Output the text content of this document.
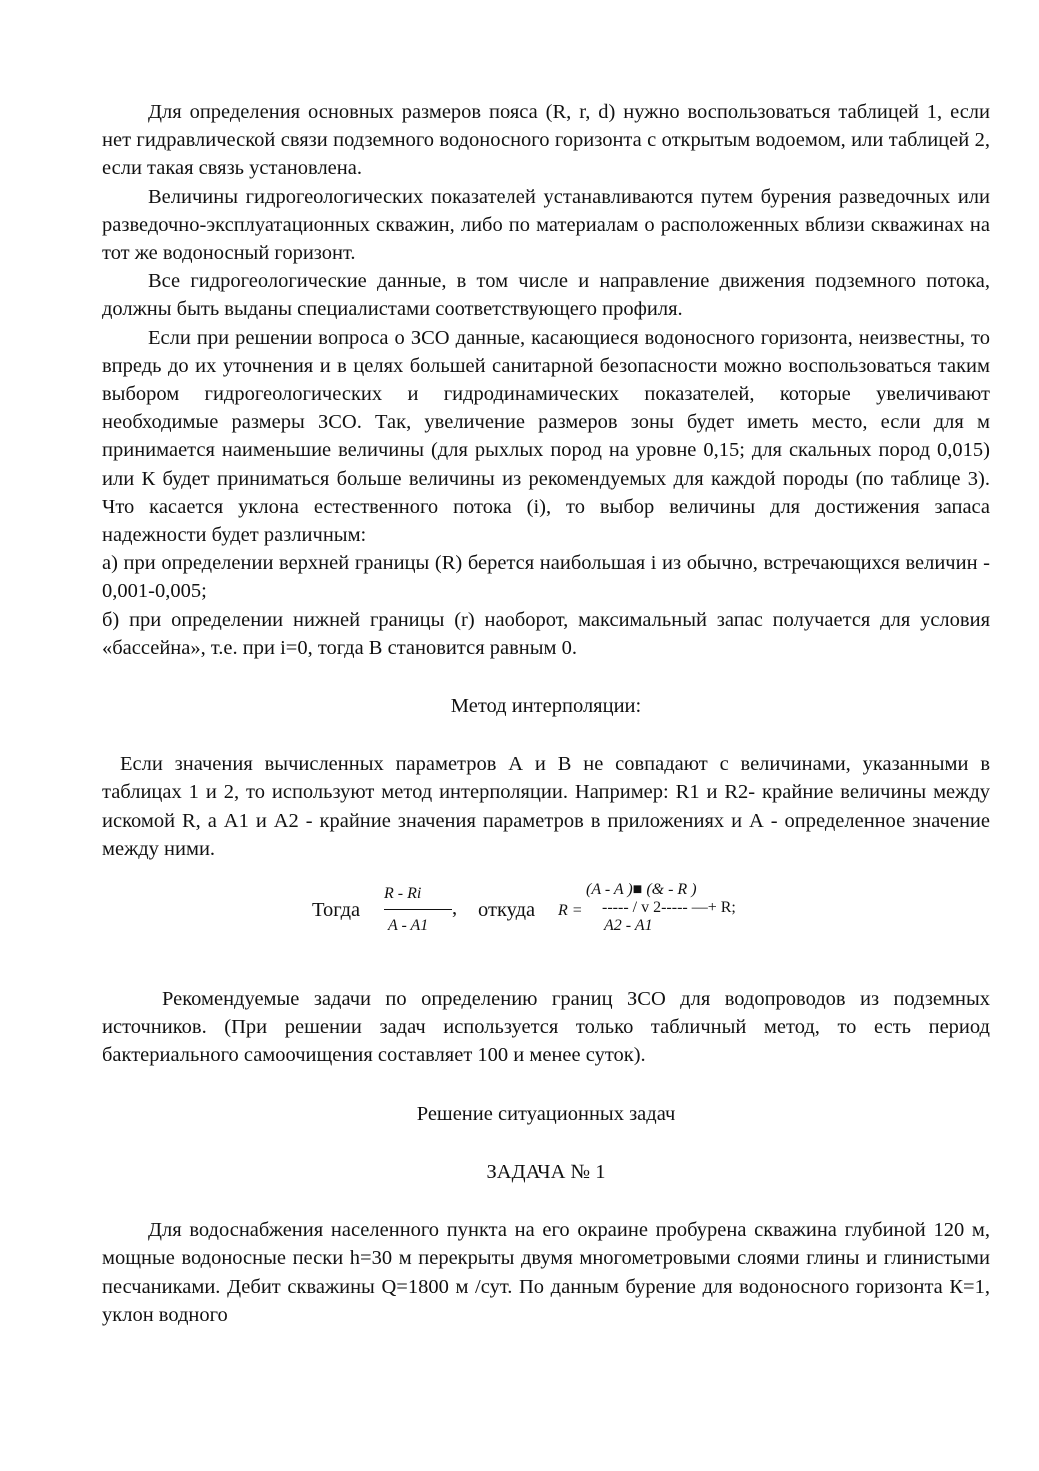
Для определения основных размеров пояса (R, r, d) нужно воспользоваться таблицей 1, если нет гидравлической связи подземного водоносного горизонта с открытым водоемом, или таблицей 2, если такая связь установлена.

Величины гидрогеологических показателей устанавливаются путем бурения разведочных или разведочно-эксплуатационных скважин, либо по материалам о расположенных вблизи скважинах на тот же водоносный горизонт.

Все гидрогеологические данные, в том числе и направление движения подземного потока, должны быть выданы специалистами соответствующего профиля.

Если при решении вопроса о ЗСО данные, касающиеся водоносного горизонта, неизвестны, то впредь до их уточнения и в целях большей санитарной безопасности можно воспользоваться таким выбором гидрогеологических и гидродинамических показателей, которые увеличивают необходимые размеры ЗСО. Так, увеличение размеров зоны будет иметь место, если для м принимается наименьшие величины (для рыхлых пород на уровне 0,15; для скальных пород 0,015) или К будет приниматься больше величины из рекомендуемых для каждой породы (по таблице 3). Что касается уклона естественного потока (i), то выбор величины для достижения запаса надежности будет различным:

а) при определении верхней границы (R) берется наибольшая i из обычно, встречающихся величин - 0,001-0,005;

б) при определении нижней границы (r) наоборот, максимальный запас получается для условия «бассейна», т.е. при i=0, тогда В становится равным 0.

Метод интерполяции:

Если значения вычисленных параметров А и В не совпадают с величинами, указанными в таблицах 1 и 2, то используют метод интерполяции. Например: R1 и R2- крайние величины между искомой R, а А1 и А2 - крайние значения параметров в приложениях и А - определенное значение между ними.

Тогда
R - Ri
,
A - A1
откуда R =
(A - A )■ (& - R )
----- / v 2----- —+ R;
A2 - A1

Рекомендуемые задачи по определению границ ЗСО для водопроводов из подземных источников. (При решении задач используется только табличный метод, то есть период бактериального самоочищения составляет 100 и менее суток).

Решение ситуационных задач

ЗАДАЧА № 1

Для водоснабжения населенного пункта на его окраине пробурена скважина глубиной 120 м, мощные водоносные пески h=30 м перекрыты двумя многометровыми слоями глины и глинистыми песчаниками. Дебит скважины Q=1800 м /сут. По данным бурение для водоносного горизонта К=1, уклон водного
